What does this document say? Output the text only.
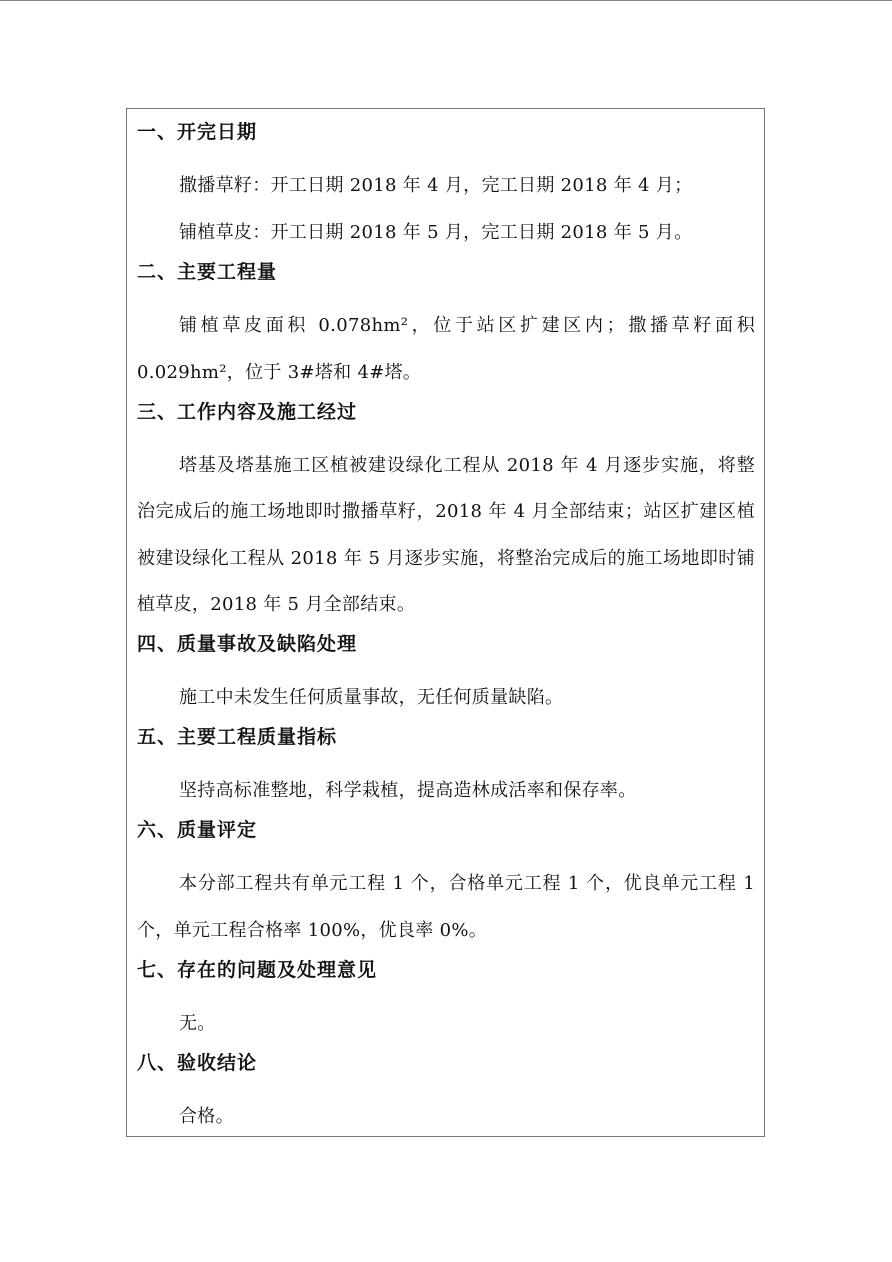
一、开完日期
撒播草籽：开工日期 2018 年 4 月，完工日期 2018 年 4 月；
铺植草皮：开工日期 2018 年 5 月，完工日期 2018 年 5 月。
二、主要工程量
铺植草皮面积 0.078hm²，位于站区扩建区内；撒播草籽面积 0.029hm²，位于 3#塔和 4#塔。
三、工作内容及施工经过
塔基及塔基施工区植被建设绿化工程从 2018 年 4 月逐步实施，将整治完成后的施工场地即时撒播草籽，2018 年 4 月全部结束；站区扩建区植被建设绿化工程从 2018 年 5 月逐步实施，将整治完成后的施工场地即时铺植草皮，2018 年 5 月全部结束。
四、质量事故及缺陷处理
施工中未发生任何质量事故，无任何质量缺陷。
五、主要工程质量指标
坚持高标准整地，科学栽植，提高造林成活率和保存率。
六、质量评定
本分部工程共有单元工程 1 个，合格单元工程 1 个，优良单元工程 1 个，单元工程合格率 100%，优良率 0%。
七、存在的问题及处理意见
无。
八、验收结论
合格。
